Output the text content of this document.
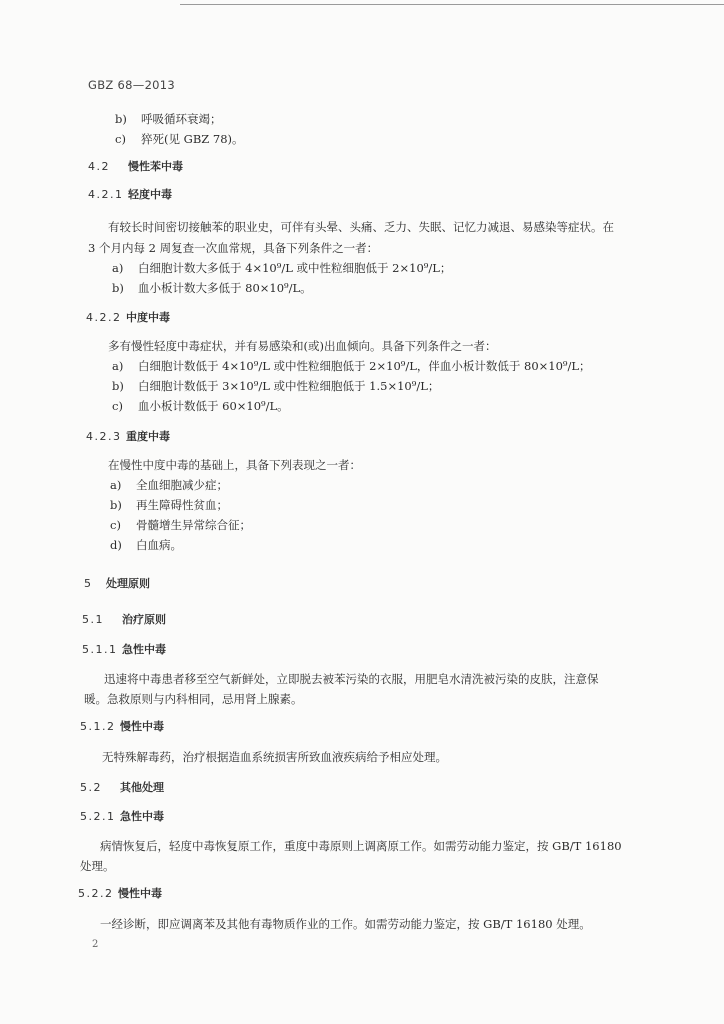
GBZ 68—2013
b) 呼吸循环衰竭；
c) 猝死(见 GBZ 78)。
4.2 慢性苯中毒
4.2.1 轻度中毒
有较长时间密切接触苯的职业史，可伴有头晕、头痛、乏力、失眠、记忆力减退、易感染等症状。在
3 个月内每 2 周复查一次血常规，具备下列条件之一者：
a) 白细胞计数大多低于 4×10⁹/L 或中性粒细胞低于 2×10⁹/L；
b) 血小板计数大多低于 80×10⁹/L。
4.2.2 中度中毒
多有慢性轻度中毒症状，并有易感染和(或)出血倾向。具备下列条件之一者：
a) 白细胞计数低于 4×10⁹/L 或中性粒细胞低于 2×10⁹/L，伴血小板计数低于 80×10⁹/L；
b) 白细胞计数低于 3×10⁹/L 或中性粒细胞低于 1.5×10⁹/L；
c) 血小板计数低于 60×10⁹/L。
4.2.3 重度中毒
在慢性中度中毒的基础上，具备下列表现之一者：
a) 全血细胞减少症；
b) 再生障碍性贫血；
c) 骨髓增生异常综合征；
d) 白血病。
5 处理原则
5.1 治疗原则
5.1.1 急性中毒
迅速将中毒患者移至空气新鲜处，立即脱去被苯污染的衣服，用肥皂水清洗被污染的皮肤，注意保
暖。急救原则与内科相同，忌用肾上腺素。
5.1.2 慢性中毒
无特殊解毒药，治疗根据造血系统损害所致血液疾病给予相应处理。
5.2 其他处理
5.2.1 急性中毒
病情恢复后，轻度中毒恢复原工作，重度中毒原则上调离原工作。如需劳动能力鉴定，按 GB/T 16180
处理。
5.2.2 慢性中毒
一经诊断，即应调离苯及其他有毒物质作业的工作。如需劳动能力鉴定，按 GB/T 16180 处理。
2
